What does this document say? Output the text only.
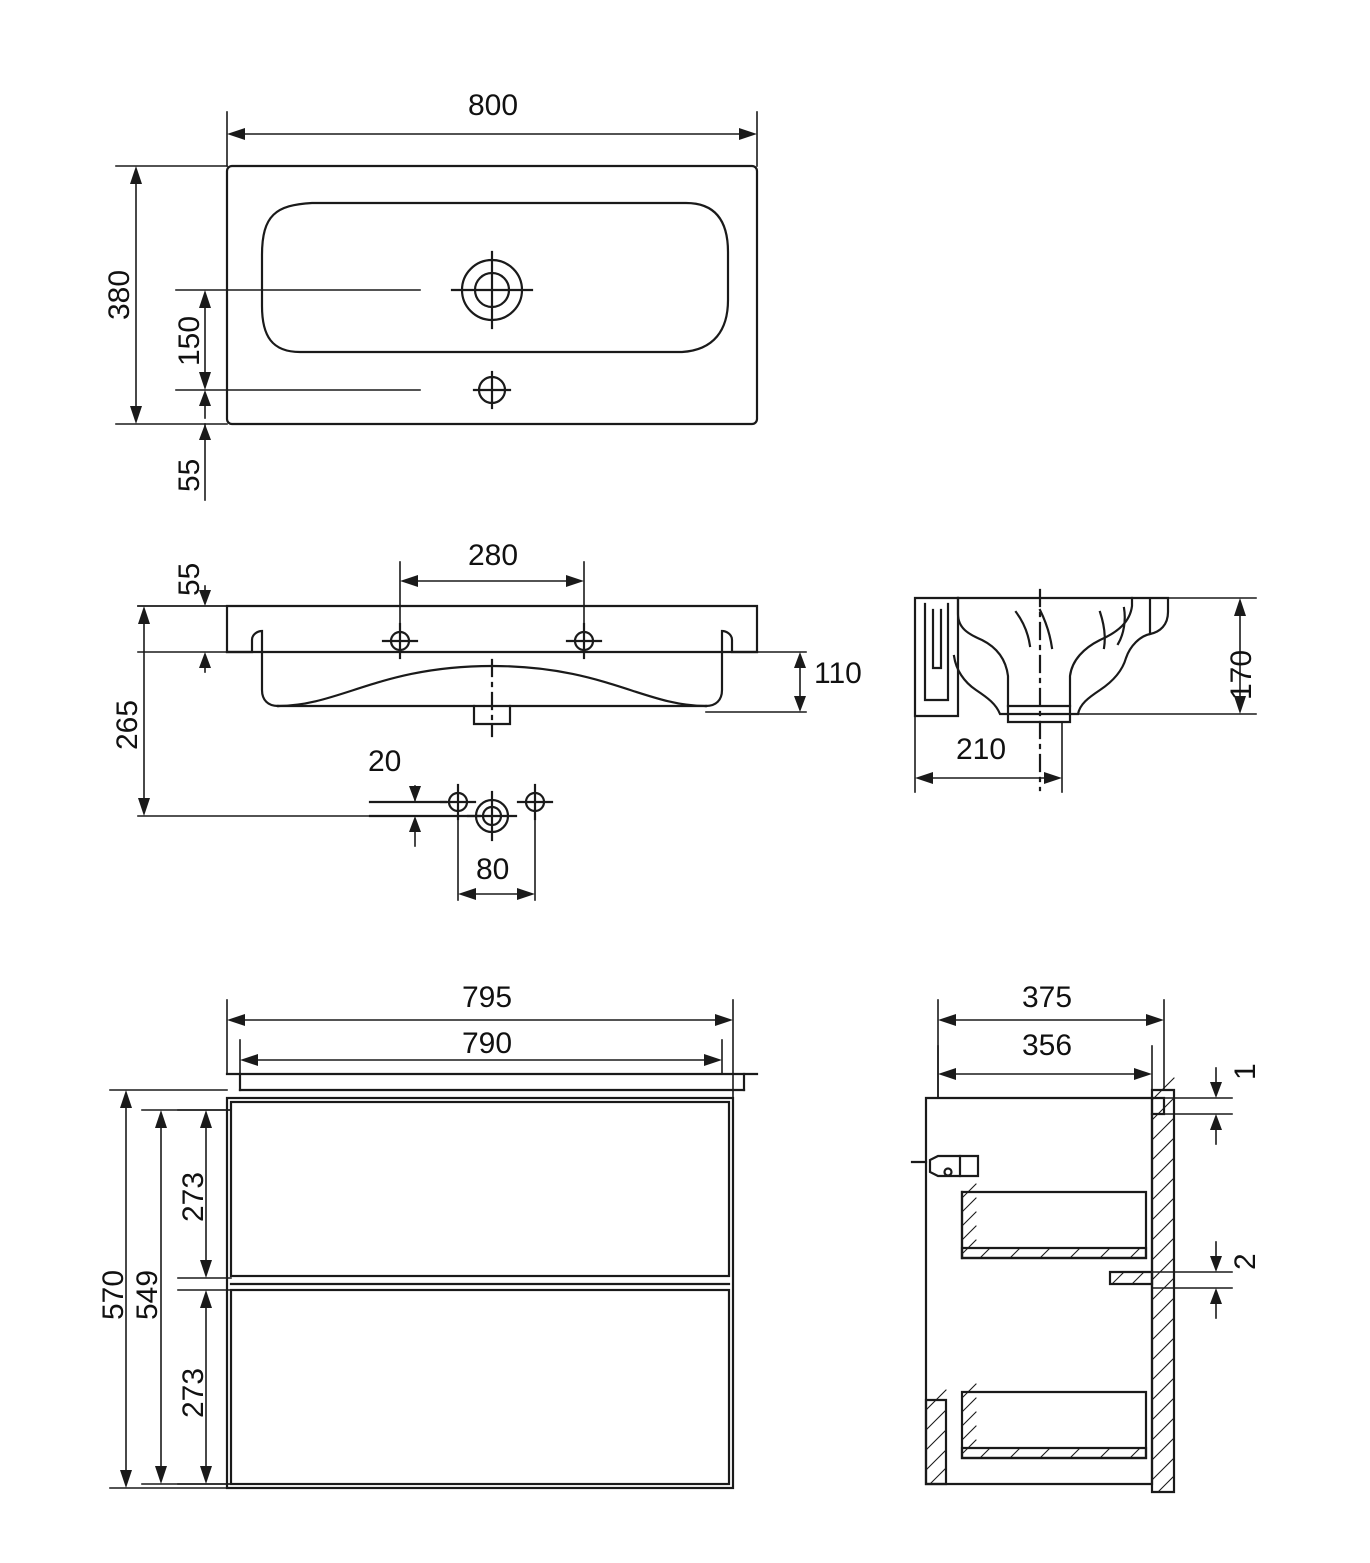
800
380
150
55
55
280
110
265
20
80
170
210
795
790
570 549
273
273
375
356
1
2
